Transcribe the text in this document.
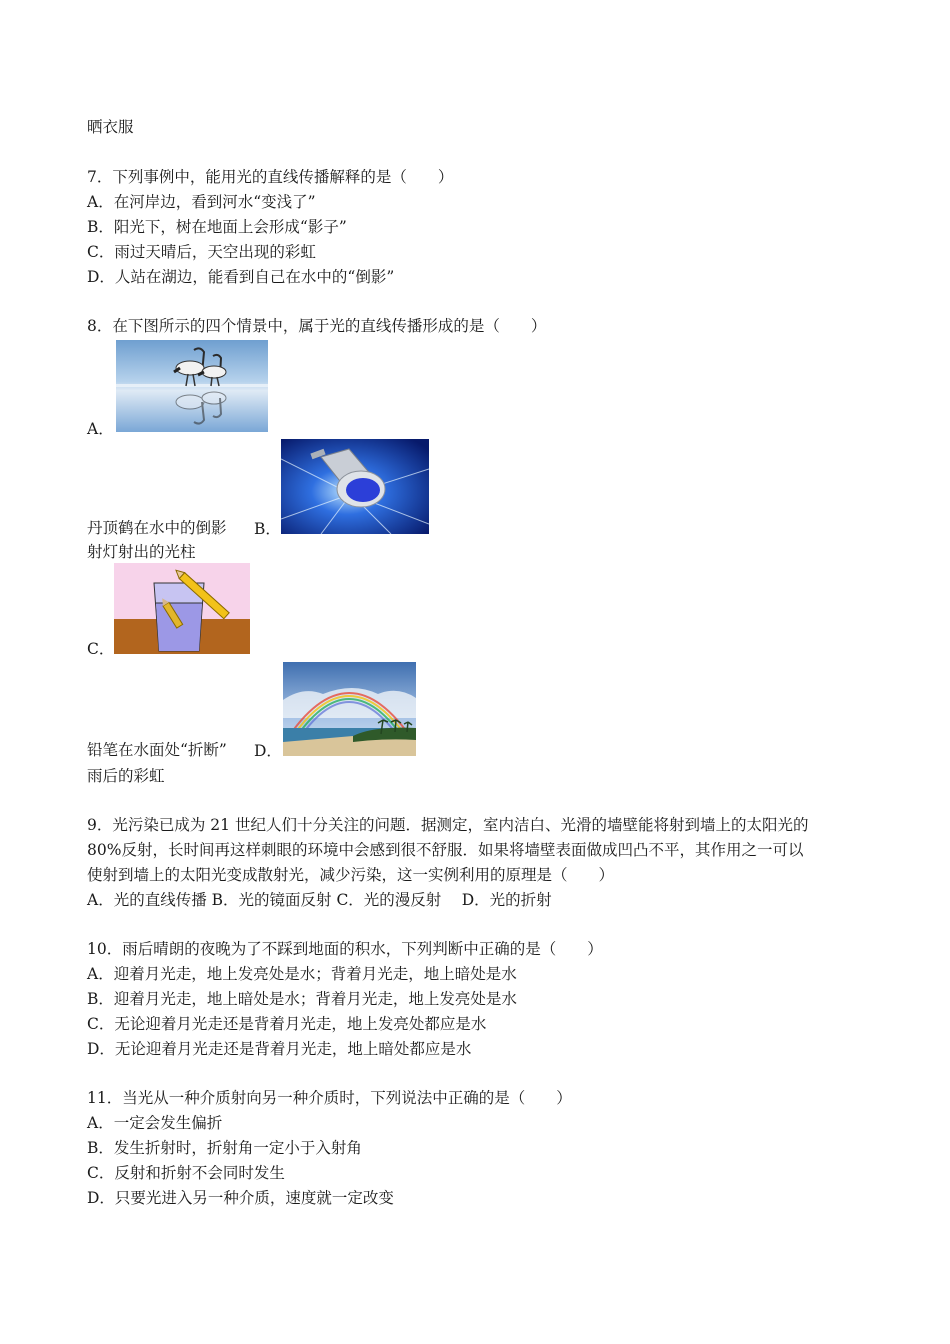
晒衣服
7．下列事例中，能用光的直线传播解释的是（　　）
A．在河岸边，看到河水“变浅了”
B．阳光下，树在地面上会形成“影子”
C．雨过天晴后，天空出现的彩虹
D．人站在湖边，能看到自己在水中的“倒影”
8．在下图所示的四个情景中，属于光的直线传播形成的是（　　）
A．
丹顶鹤在水中的倒影 B．
射灯射出的光柱
C．
铅笔在水面处“折断” D．
雨后的彩虹
9．光污染已成为 21 世纪人们十分关注的问题．据测定，室内洁白、光滑的墙壁能将射到墙上的太阳光的
80%反射，长时间再这样刺眼的环境中会感到很不舒服．如果将墙壁表面做成凹凸不平，其作用之一可以
使射到墙上的太阳光变成散射光，减少污染，这一实例利用的原理是（　　）
A．光的直线传播 B．光的镜面反射 C．光的漫反射　 D．光的折射
10．雨后晴朗的夜晚为了不踩到地面的积水，下列判断中正确的是（　　）
A．迎着月光走，地上发亮处是水；背着月光走，地上暗处是水
B．迎着月光走，地上暗处是水；背着月光走，地上发亮处是水
C．无论迎着月光走还是背着月光走，地上发亮处都应是水
D．无论迎着月光走还是背着月光走，地上暗处都应是水
11．当光从一种介质射向另一种介质时，下列说法中正确的是（　　）
A．一定会发生偏折
B．发生折射时，折射角一定小于入射角
C．反射和折射不会同时发生
D．只要光进入另一种介质，速度就一定改变
